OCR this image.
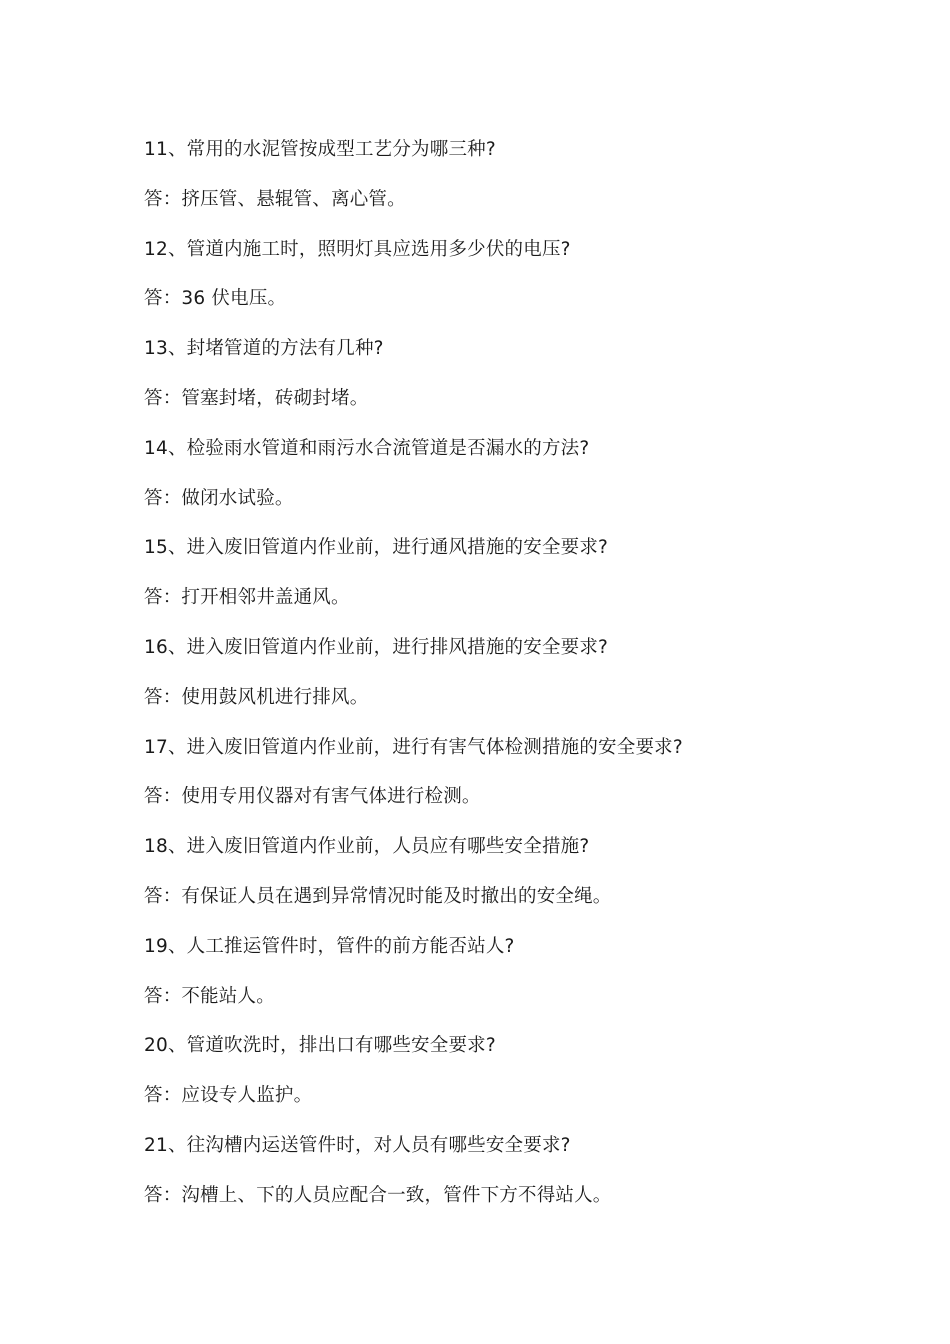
11、常用的水泥管按成型工艺分为哪三种?
答：挤压管、悬辊管、离心管。
12、管道内施工时，照明灯具应选用多少伏的电压?
答：36 伏电压。
13、封堵管道的方法有几种?
答：管塞封堵，砖砌封堵。
14、检验雨水管道和雨污水合流管道是否漏水的方法?
答：做闭水试验。
15、进入废旧管道内作业前，进行通风措施的安全要求?
答：打开相邻井盖通风。
16、进入废旧管道内作业前，进行排风措施的安全要求?
答：使用鼓风机进行排风。
17、进入废旧管道内作业前，进行有害气体检测措施的安全要求?
答：使用专用仪器对有害气体进行检测。
18、进入废旧管道内作业前，人员应有哪些安全措施?
答：有保证人员在遇到异常情况时能及时撤出的安全绳。
19、人工推运管件时，管件的前方能否站人?
答：不能站人。
20、管道吹洗时，排出口有哪些安全要求?
答：应设专人监护。
21、往沟槽内运送管件时，对人员有哪些安全要求?
答：沟槽上、下的人员应配合一致，管件下方不得站人。
